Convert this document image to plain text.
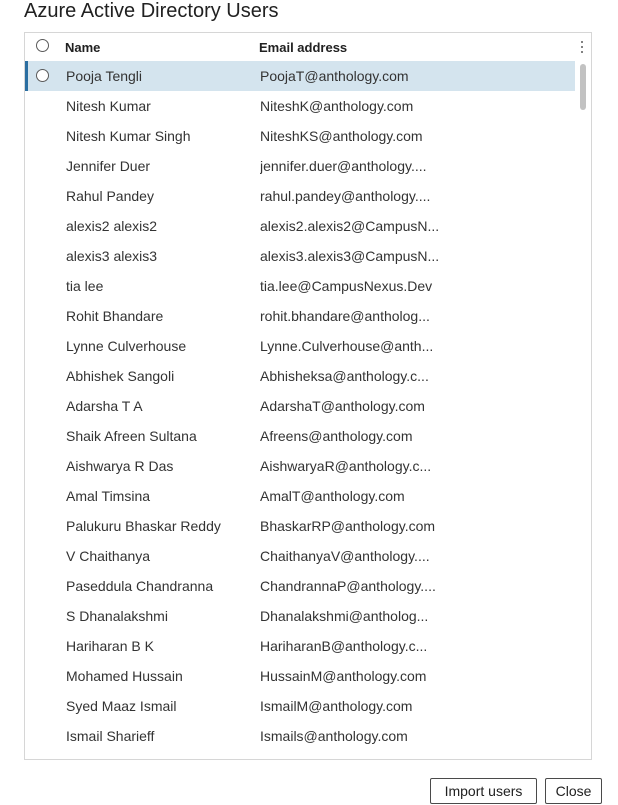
Azure Active Directory Users
Name	Email address
Pooja Tengli	PoojaT@anthology.com
Nitesh Kumar	NiteshK@anthology.com
Nitesh Kumar Singh	NiteshKS@anthology.com
Jennifer Duer	jennifer.duer@anthology....
Rahul Pandey	rahul.pandey@anthology....
alexis2 alexis2	alexis2.alexis2@CampusN...
alexis3 alexis3	alexis3.alexis3@CampusN...
tia lee	tia.lee@CampusNexus.Dev
Rohit Bhandare	rohit.bhandare@antholog...
Lynne Culverhouse	Lynne.Culverhouse@anth...
Abhishek Sangoli	Abhisheksa@anthology.c...
Adarsha T A	AdarshaT@anthology.com
Shaik Afreen Sultana	Afreens@anthology.com
Aishwarya R Das	AishwaryaR@anthology.c...
Amal Timsina	AmalT@anthology.com
Palukuru Bhaskar Reddy	BhaskarRP@anthology.com
V Chaithanya	ChaithanyaV@anthology....
Paseddula Chandranna	ChandrannaP@anthology....
S Dhanalakshmi	Dhanalakshmi@antholog...
Hariharan B K	HariharanB@anthology.c...
Mohamed Hussain	HussainM@anthology.com
Syed Maaz Ismail	IsmailM@anthology.com
Ismail Sharieff	Ismails@anthology.com
Import users	Close
